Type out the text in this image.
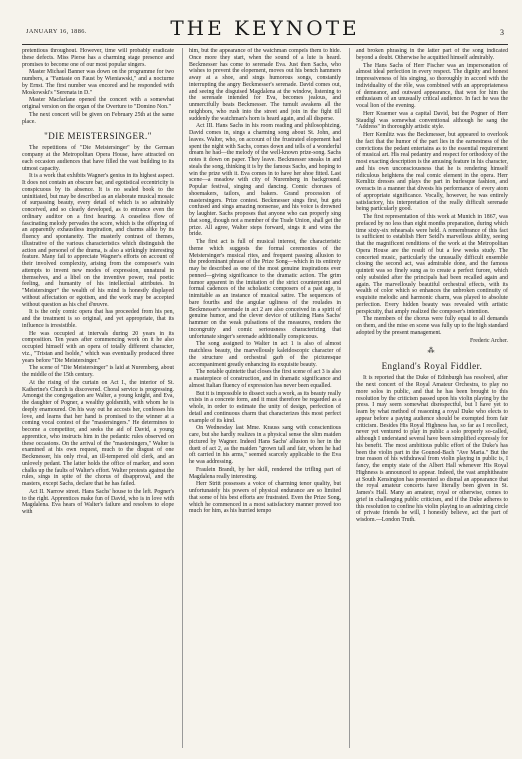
JANUARY 16, 1886.	THE KEYNOTE	3

pretentious throughout. However, time will probably eradicate these defects. Miss Pierse has a charming stage presence and promises to become one of our most popular singers.

Master Michael Banner was down on the programme for two numbers, a "Fantasie on Faust by Wieniawski," and a nocturne by Ernst. The first number was encored and he responded with Moskowski's "Serenata in D."

Master Macfarlane opened the concert with a somewhat original version on the organ of the Overture to "Domino Non."

The next concert will be given on February 25th at the same place.

"DIE MEISTERSINGER."

The repetitions of "Die Meistersinger" by the German company at the Metropolitan Opera House, have attracted on each occasion audiences that have filled the vast building to its utmost capacity.

It is a work that exhibits Wagner's genius in its highest aspect. It does not contain an obscure bar, and egotistical eccentricity is conspicuous by its absence. It is no sealed book to the uninitiated, but may be described as an elaborate musical mosaic of surpassing beauty, every detail of which is so admirably conceived, and so clearly developed, as to entrance even the ordinary auditor on a first hearing. A ceaseless flow of fascinating melody pervades the score, which is the offspring of an apparently exhaustless inspiration, and charms alike by its fluency and spontaneity. The masterly contrast of themes, illustrative of the various characteristics which distinguish the action and personel of the drama, is also a strikingly interesting feature. Many fail to appreciate Wagner's efforts on account of their involved complexity, arising from the composer's vain attempts to invent new modes of expression, unnatural in themselves, and a libel on the inventive power, real poetic feeling, and humanity of his intellectual attributes. In "Meistersinger" the wealth of his mind is honestly displayed without affectation or egotism, and the work may be accepted without question as his chef d'œuvre.

It is the only comic opera that has proceeded from his pen, and the treatment is so original, and yet appropriate, that its influence is irresistible.

He was occupied at intervals during 20 years in its composition. Ten years after commencing work on it he also occupied himself with an opera of totally different character, viz., "Tristan and Isolde," which was eventually produced three years before "Die Meistersinger."

The scene of "Die Meistersinger" is laid at Nuremberg, about the middle of the 15th century.

At the rising of the curtain on Act I., the interior of St. Katherine's Church is discovered. Choral service is progressing. Amongst the congregation are Walter, a young knight, and Eva, the daughter of Pogner, a wealthy goldsmith, with whom he is deeply enamoured. On his way out he accosts her, confesses his love, and learns that her hand is promised to the winner at a coming vocal contest of the "mastersingers." He determines to become a competitor, and seeks the aid of David, a young apprentice, who instructs him in the pedantic rules observed on these occasions. On the arrival of the "mastersingers," Walter is examined at his own request, much to the disgust of one Beckmesser, his only rival, an ill-tempered old clerk, and an unlovely pedant. The latter holds the office of marker, and soon chalks up the faults of Walter's effort. Walter protests against the rules, sings in spite of the chorus of disapproval, and the masters, except Sachs, declare that he has failed.

Act II. Narrow street. Hans Sachs' house to the left. Pogner's to the right. Apprentices make fun of David, who is in love with Magdalena. Eva hears of Walter's failure and resolves to elope with

him, but the appearance of the watchman compels them to hide. Once more they start, when the sound of a lute is heard. Beckmesser has come to serenade Eva. Just then Sachs, who wishes to prevent the elopement, moves out his bench hammers away at a shoe, and sings humorous songs, constantly interrupting the angry Beckmesser's serenade. David comes out, and seeing the disguised Magdalena at the window, listening to the serenade intended for Eva, becomes jealous, and unmercifully beats Beckmesser. The tumult awakens all the neighbors, who rush into the street and join in the fight till suddenly the watchman's horn is heard again, and all disperse.

Act III. Hans Sachs in his room reading and philosophizing. David comes in, sings a charming song about St. John, and leaves. Walter, who, on account of the frustrated elopement had spent the night with Sachs, comes down and tells of a wonderful dream he had—the melody of the well-known prize-song. Sachs notes it down on paper. They leave. Beckmesser sneaks in and steals the song, thinking it is by the famous Sachs, and hoping to win the prize with it. Eva comes in to have her shoe fitted. Last scene—a meadow with city of Nuremberg in background. Popular festival, singing and dancing. Comic choruses of shoemakers, tailors, and bakers. Grand procession of mastersingers. Prize contest. Beckmesser sings first, but gets confused and sings amazing nonsense, and his voice is drowned by laughter. Sachs proposes that anyone who can properly sing that song, though not a member of the Trade Union, shall get the prize. All agree, Walter steps forward, sings it and wins the bride.

The first act is full of musical interest, the characteristic theme which suggests the formal ceremonies of the Meistersinger's musical rites, and frequent passing allusion to the predominant phrase of the Prize Song—which in its entirety may be described as one of the most genuine inspirations ever penned—giving significance to the dramatic action. The grim humor apparent in the imitation of the strict counterpoint and formal cadences of the scholastic composers of a past age, is inimitable as an instance of musical satire. The sequences of bare fourths and the angular ugliness of the roulades in Beckmesser's serenade in act 2 are also conceived in a spirit of genuine humor, and the clever device of utilizing Hans Sachs' hammer on the weak pulsations of the measures, renders the incongruity and comic seriousness characterizing that unfortunate singer's serenade additionally conspicuous.

The song assigned to Walter in act 1 is also of almost matchless beauty, the marvellously kaleidoscopic character of the structure and orchestral garb of the picturesque accompaniment greatly enhancing its exquisite beauty.

The notable quintette that closes the first scene of act 3 is also a masterpiece of construction, and in dramatic significance and almost Italian fluency of expression has never been equalled.

But it is impossible to dissect such a work, as its beauty really exists in a concrete form, and it must therefore be regarded as a whole, in order to estimate the unity of design, perfection of detail and continuous charm that characterizes this most perfect example of its kind.

On Wednesday last Mme. Krauss sang with conscientious care, but she hardly realizes in a physical sense the slim maiden pictured by Wagner. Indeed Hans Sachs' allusion to her in the duett of act 2, as the maiden "grown tall and fair, whom he had oft carried in his arms," seemed scarcely applicable to the Eva he was addressing.

Fraulein Brandt, by her skill, rendered the trifling part of Magdalena really interesting.

Herr Stritt possesses a voice of charming tenor quality, but unfortunately his powers of physical endurance are so limited that some of his best efforts are frustrated. Even the Prize Song, which he commenced in a most satisfactory manner proved too much for him, as his hurried tempo

and broken phrasing in the latter part of the song indicated beyond a doubt. Otherwise he acquitted himself admirably.

The Hans Sachs of Herr Fischer was an impersonation of almost ideal perfection in every respect. The dignity and honest impressiveness of his singing, so thoroughly in accord with the individuality of the rôle, was combined with an appropriateness of demeanor, and outward appearance, that won for him the enthusiasm of an unusually critical audience. In fact he was the vocal lion of the evening.

Herr Kraemer was a capital David, but the Pogner of Herr Staudigl was somewhat conventional although he sang the "Address" in thoroughly artistic style.

Herr Kemlitz was the Beckmesser, but appeared to overlook the fact that the humor of the part lies in the earnestness of the convictions the pedant entertains as to the essential requirement of musical art. His real pedantry and respect for orthodoxy of the most exacting description is the amusing feature in his character, and his own unconsciousness that he is rendering himself ridiculous heightens the real comic element in the opera. Herr Kemlitz dresses and plays the part in burlesque fashion, and overacts in a manner that divests his performance of every atom of appropriate significance. Vocally, however, he was entirely satisfactory, his interpretation of the really difficult serenade being particularly good.

The first representation of this work at Munich in 1867, was prefaced by no less than eight months preparation, during which time sixty-six rehearsals were held. A remembrance of this fact is sufficient to establish Herr Seidl's marvellous ability, seeing that the magnificent renditions of the work at the Metropolitan Opera House are the result of but a few weeks study. The concerted music, particularly the unusually difficult ensemble closing the second act, was admirable done, and the famous quintett was so finely sung as to create a perfect furore, which only subsided after the principals had been recalled again and again. The marvellously beautiful orchestral effects, with its wealth of color which so enhances the unbroken continuity of exquisite melodic and harmonic charm, was played to absolute perfection. Every hidden beauty was revealed with artistic perspicuity, that amply realized the composer's intention.

The members of the chorus were fully equal to all demands on them, and the mise en scene was fully up to the high standard adopted by the present management.

Frederic Archer.
⁂
England's Royal Fiddler.

It is reported that the Duke of Edinburgh has resolved, after the next concert of the Royal Amateur Orchestra, to play no more solos in public, and that he has been brought to this resolution by the criticism passed upon his violin playing by the press. I may seem somewhat disrespectful, but I have yet to learn by what method of reasoning a royal Duke who elects to appear before a paying audience should be exempted from fair criticism. Besides His Royal Highness has, so far as I recollect, never yet ventured to play in public a solo properly so-called, although I understand several have been simplified expressly for his benefit. The most ambitious public effort of the Duke's has been the violin part in the Gounod-Bach "Ave Maria." But the true reason of his withdrawal from violin playing in public is, I fancy, the empty state of the Albert Hall whenever His Royal Highness is announced to appear. Indeed, the vast amphitheatre at South Kensington has presented so dismal an appearance that the royal amateur concerts have literally been given in St. James's Hall. Many an amateur, royal or otherwise, comes to grief in challenging public criticism, and if the Duke adheres to this resolution to confine his violin playing to an admiring circle of private friends he will, I honestly believe, act the part of wisdom.—London Truth.
